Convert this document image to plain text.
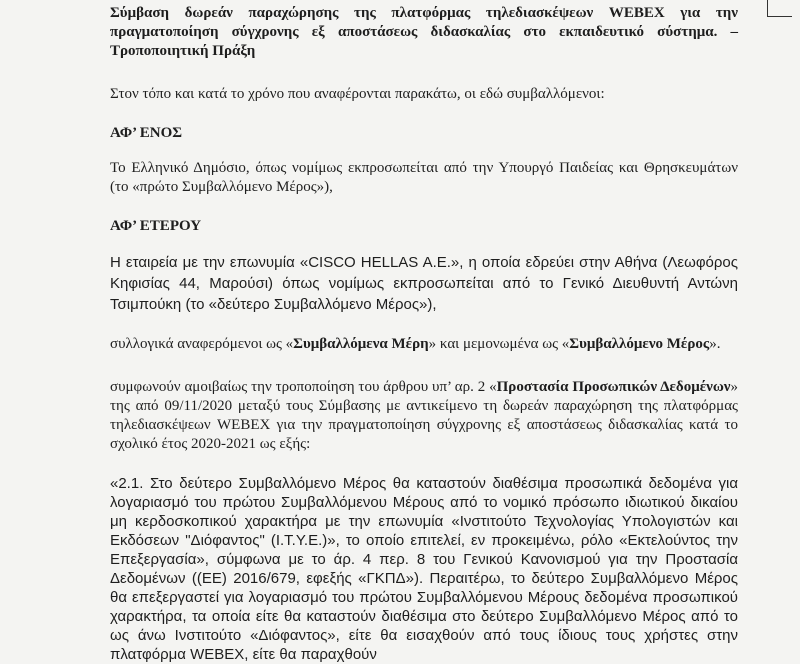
Σύμβαση δωρεάν παραχώρησης της πλατφόρμας τηλεδιασκέψεων WEBEX για την πραγματοποίηση σύγχρονης εξ αποστάσεως διδασκαλίας στο εκπαιδευτικό σύστημα. – Τροποποιητική Πράξη

Στον τόπο και κατά το χρόνο που αναφέρονται παρακάτω, οι εδώ συμβαλλόμενοι:

ΑΦ’ ΕΝΟΣ

Το Ελληνικό Δημόσιο, όπως νομίμως εκπροσωπείται από την Υπουργό Παιδείας και Θρησκευμάτων (το «πρώτο Συμβαλλόμενο Μέρος»),

ΑΦ’ ΕΤΕΡΟΥ

Η εταιρεία με την επωνυμία «CISCO HELLAS A.E.», η οποία εδρεύει στην Αθήνα (Λεωφόρος Κηφισίας 44, Μαρούσι) όπως νομίμως εκπροσωπείται από το Γενικό Διευθυντή Αντώνη Τσιμπούκη (το «δεύτερο Συμβαλλόμενο Μέρος»),

συλλογικά αναφερόμενοι ως «Συμβαλλόμενα Μέρη» και μεμονωμένα ως «Συμβαλλόμενο Μέρος».

συμφωνούν αμοιβαίως την τροποποίηση του άρθρου υπ’ αρ. 2 «Προστασία Προσωπικών Δεδομένων» της από 09/11/2020 μεταξύ τους Σύμβασης με αντικείμενο τη δωρεάν παραχώρηση της πλατφόρμας τηλεδιασκέψεων WEBEX για την πραγματοποίηση σύγχρονης εξ αποστάσεως διδασκαλίας κατά το σχολικό έτος 2020-2021 ως εξής:

«2.1. Στο δεύτερο Συμβαλλόμενο Μέρος θα καταστούν διαθέσιμα προσωπικά δεδομένα για λογαριασμό του πρώτου Συμβαλλόμενου Μέρους από το νομικό πρόσωπο ιδιωτικού δικαίου μη κερδοσκοπικού χαρακτήρα με την επωνυμία «Ινστιτούτο Τεχνολογίας Υπολογιστών και Εκδόσεων "Διόφαντος" (Ι.Τ.Υ.Ε.)», το οποίο επιτελεί, εν προκειμένω, ρόλο «Εκτελούντος την Επεξεργασία», σύμφωνα με το άρ. 4 περ. 8 του Γενικού Κανονισμού για την Προστασία Δεδομένων ((ΕΕ) 2016/679, εφεξής «ΓΚΠΔ»). Περαιτέρω, το δεύτερο Συμβαλλόμενο Μέρος θα επεξεργαστεί για λογαριασμό του πρώτου Συμβαλλόμενου Μέρους δεδομένα προσωπικού χαρακτήρα, τα οποία είτε θα καταστούν διαθέσιμα στο δεύτερο Συμβαλλόμενο Μέρος από το ως άνω Ινστιτούτο «Διόφαντος», είτε θα εισαχθούν από τους ίδιους τους χρήστες στην πλατφόρμα WEBEX, είτε θα παραχθούν
